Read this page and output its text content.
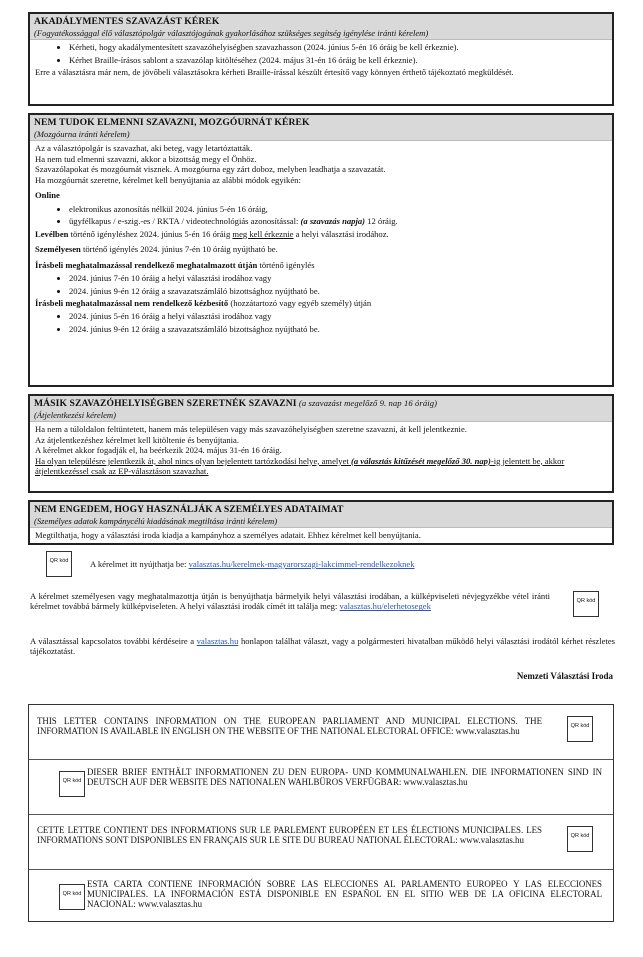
AKADÁLYMENTES SZAVAZÁST KÉREK
(Fogyatékossággal élő választópolgár választójogának gyakorlásához szükséges segítség igénylése iránti kérelem)
• Kérheti, hogy akadálymentesített szavazóhelyiségben szavazhasson (2024. június 5-én 16 óráig be kell érkeznie).
• Kérhet Braille-írásos sablont a szavazólap kitöltéséhez (2024. május 31-én 16 óráig be kell érkeznie).

Erre a választásra már nem, de jövőbeli választásokra kérheti Braille-írással készült értesítő vagy könnyen érthető tájékoztató megküldését.

NEM TUDOK ELMENNI SZAVAZNI, MOZGÓURNÁT KÉREK
(Mozgóurna iránti kérelem)

Az a választópolgár is szavazhat, aki beteg, vagy letartóztatták.

Ha nem tud elmenni szavazni, akkor a bizottság megy el Önhöz.

Szavazólapokat és mozgóurnát visznek. A mozgóurna egy zárt doboz, melyben leadhatja a szavazatát.

Ha mozgóurnát szeretne, kérelmet kell benyújtania az alábbi módok egyikén:

Online

• elektronikus azonosítás nélkül 2024. június 5-én 16 óráig,
• ügyfélkapus / e-szig.-es / RKTA / videotechnológiás azonosítással: (a szavazás napja) 12 óráig.

Levélben történő igényléshez 2024. június 5-én 16 óráig meg kell érkeznie a helyi választási irodához.

Személyesen történő igénylés 2024. június 7-én 10 óráig nyújtható be.

Írásbeli meghatalmazással rendelkező meghatalmazott útján történő igénylés

• 2024. június 7-én 10 óráig a helyi választási irodához vagy
• 2024. június 9-én 12 óráig a szavazatszámláló bizottsághoz nyújtható be.

Írásbeli meghatalmazással nem rendelkező kézbesítő (hozzátartozó vagy egyéb személy) útján

• 2024. június 5-én 16 óráig a helyi választási irodához vagy
• 2024. június 9-én 12 óráig a szavazatszámláló bizottsághoz nyújtható be.
MÁSIK SZAVAZÓHELYISÉGBEN SZERETNÉK SZAVAZNI (a szavazást megelőző 9. nap 16 óráig)
(Átjelentkezési kérelem)

Ha nem a túloldalon feltüntetett, hanem más településen vagy más szavazóhelyiségben szeretne szavazni, át kell jelentkeznie.

Az átjelentkezéshez kérelmet kell kitöltenie és benyújtania.

A kérelmet akkor fogadják el, ha beérkezik 2024. május 31-én 16 óráig.

Ha olyan településre jelentkezik át, ahol nincs olyan bejelentett tartózkodási helye, amelyet (a választás kitűzését megelőző 30. nap)-ig jelentett be, akkor átjelentkezéssel csak az EP-választáson szavazhat.

NEM ENGEDEM, HOGY HASZNÁLJÁK A SZEMÉLYES ADATAIMAT
(Személyes adatok kampánycélú kiadásának megtiltása iránti kérelem)

Megtilthatja, hogy a választási iroda kiadja a kampányhoz a személyes adatait. Ehhez kérelmet kell benyújtania.

QR kód	A kérelmet itt nyújthatja be: valasztas.hu/kerelmek-magyarorszagi-lakcimmel-rendelkezoknek

A kérelmet személyesen vagy meghatalmazottja útján is benyújthatja bármelyik helyi választási irodában, a külképviseleti névjegyzékbe vétel iránti kérelmet továbbá bármely külképviseleten. A helyi választási irodák címét itt találja meg: valasztas.hu/elerhetosegek

QR kód

A választással kapcsolatos további kérdéseire a valasztas.hu honlapon találhat választ, vagy a polgármesteri hivatalban működő helyi választási irodától kérhet részletes tájékoztatást.

Nemzeti Választási Iroda

THIS LETTER CONTAINS INFORMATION ON THE EUROPEAN PARLIAMENT AND MUNICIPAL ELECTIONS. THE INFORMATION IS AVAILABLE IN ENGLISH ON THE WEBSITE OF THE NATIONAL ELECTORAL OFFICE: www.valasztas.hu

QR kód
QR kód

DIESER BRIEF ENTHÄLT INFORMATIONEN ZU DEN EUROPA- UND KOMMUNALWAHLEN. DIE INFORMATIONEN SIND IN DEUTSCH AUF DER WEBSITE DES NATIONALEN WAHLBÜROS VERFÜGBAR: www.valasztas.hu

CETTE LETTRE CONTIENT DES INFORMATIONS SUR LE PARLEMENT EUROPÉEN ET LES ÉLECTIONS MUNICIPALES. LES INFORMATIONS SONT DISPONIBLES EN FRANÇAIS SUR LE SITE DU BUREAU NATIONAL ÉLECTORAL: www.valasztas.hu	QR kód
QR kód

ESTA CARTA CONTIENE INFORMACIÓN SOBRE LAS ELECCIONES AL PARLAMENTO EUROPEO Y LAS ELECCIONES MUNICIPALES. LA INFORMACIÓN ESTÁ DISPONIBLE EN ESPAÑOL EN EL SITIO WEB DE LA OFICINA ELECTORAL NACIONAL: www.valasztas.hu
